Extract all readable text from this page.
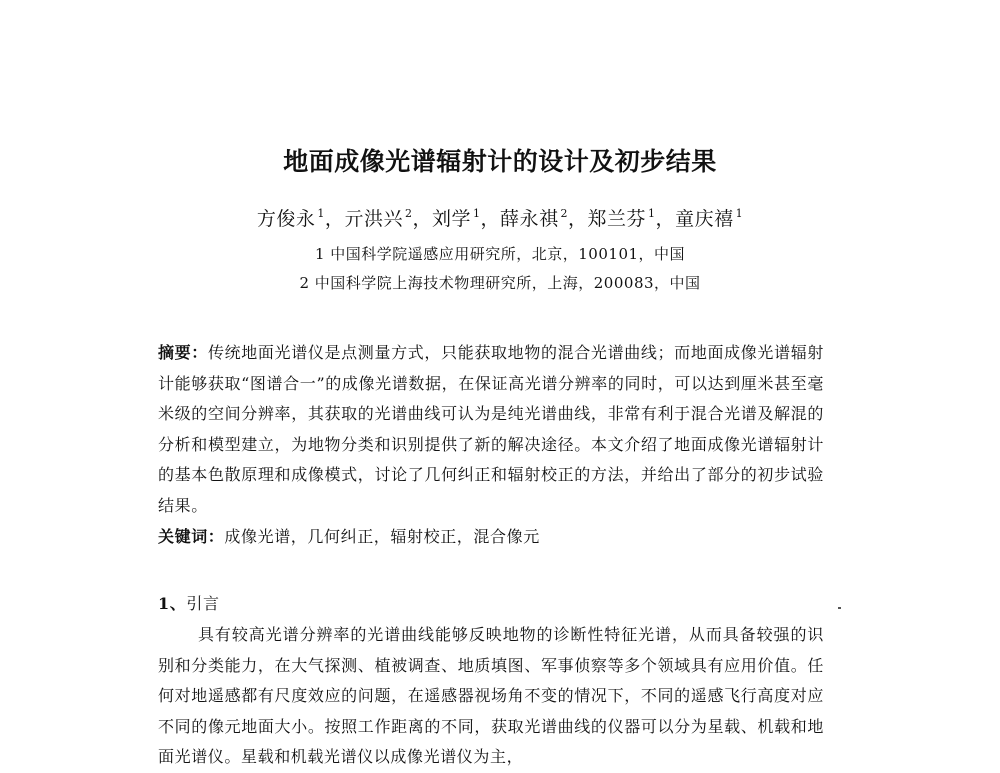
地面成像光谱辐射计的设计及初步结果
方俊永 $^1$，亓洪兴 $^2$，刘学 $^1$，薛永祺 $^2$，郑兰芬 $^1$，童庆禧 $^1$
1 中国科学院遥感应用研究所，北京，100101，中国
2 中国科学院上海技术物理研究所，上海，200083，中国
摘要：传统地面光谱仪是点测量方式，只能获取地物的混合光谱曲线；而地面成像光谱辐射计能够获取“图谱合一”的成像光谱数据，在保证高光谱分辨率的同时，可以达到厘米甚至毫米级的空间分辨率，其获取的光谱曲线可认为是纯光谱曲线，非常有利于混合光谱及解混的分析和模型建立，为地物分类和识别提供了新的解决途径。本文介绍了地面成像光谱辐射计的基本色散原理和成像模式，讨论了几何纠正和辐射校正的方法，并给出了部分的初步试验结果。
关键词：成像光谱，几何纠正，辐射校正，混合像元
1、引言
具有较高光谱分辨率的光谱曲线能够反映地物的诊断性特征光谱，从而具备较强的识别和分类能力，在大气探测、植被调查、地质填图、军事侦察等多个领域具有应用价值。任何对地遥感都有尺度效应的问题，在遥感器视场角不变的情况下，不同的遥感飞行高度对应不同的像元地面大小。按照工作距离的不同，获取光谱曲线的仪器可以分为星载、机载和地面光谱仪。星载和机载光谱仪以成像光谱仪为主，
